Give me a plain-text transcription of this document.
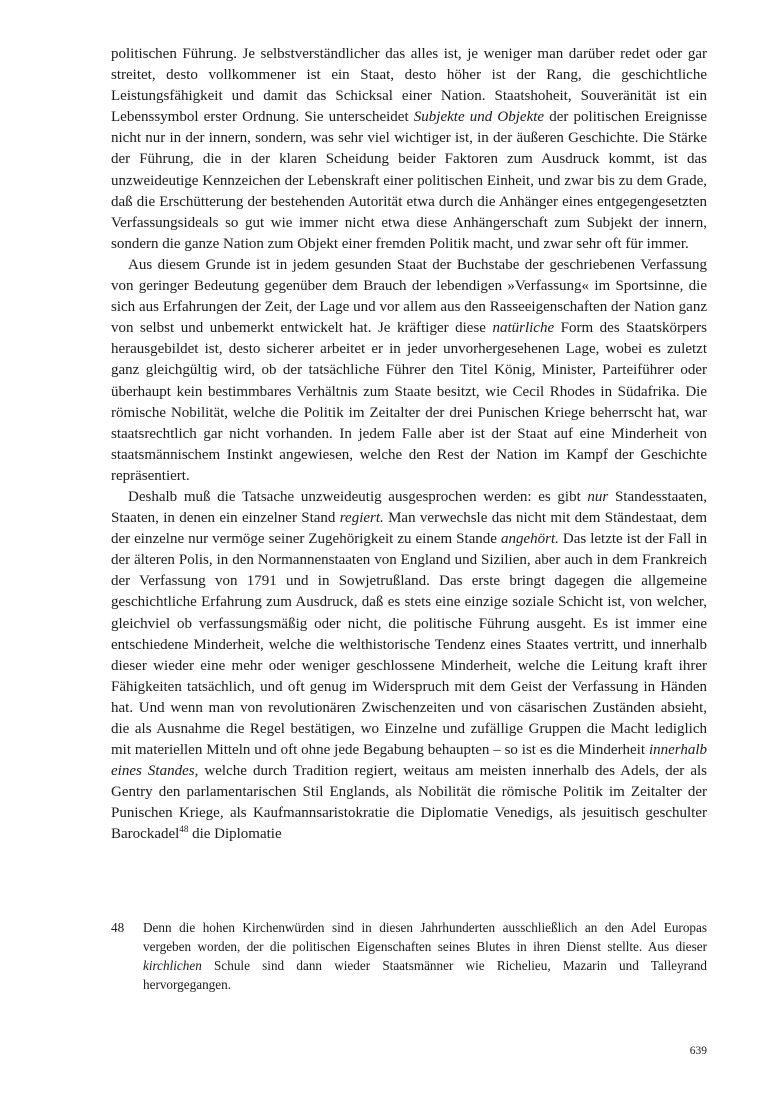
politischen Führung. Je selbstverständlicher das alles ist, je weniger man darüber redet oder gar streitet, desto vollkommener ist ein Staat, desto höher ist der Rang, die geschichtliche Leistungsfähigkeit und damit das Schicksal einer Nation. Staatshoheit, Souveränität ist ein Lebenssymbol erster Ordnung. Sie unterscheidet Subjekte und Objekte der politischen Ereignisse nicht nur in der innern, sondern, was sehr viel wichtiger ist, in der äußeren Geschichte. Die Stärke der Führung, die in der klaren Scheidung beider Faktoren zum Ausdruck kommt, ist das unzweideutige Kennzeichen der Lebenskraft einer politischen Einheit, und zwar bis zu dem Grade, daß die Erschütterung der bestehenden Autorität etwa durch die Anhänger eines entgegengesetzten Verfassungsideals so gut wie immer nicht etwa diese Anhängerschaft zum Subjekt der innern, sondern die ganze Nation zum Objekt einer fremden Politik macht, und zwar sehr oft für immer.

Aus diesem Grunde ist in jedem gesunden Staat der Buchstabe der geschriebenen Verfassung von geringer Bedeutung gegenüber dem Brauch der lebendigen »Verfassung« im Sportsinne, die sich aus Erfahrungen der Zeit, der Lage und vor allem aus den Rasseeigenschaften der Nation ganz von selbst und unbemerkt entwickelt hat. Je kräftiger diese natürliche Form des Staatskörpers herausgebildet ist, desto sicherer arbeitet er in jeder unvorhergesehenen Lage, wobei es zuletzt ganz gleichgültig wird, ob der tatsächliche Führer den Titel König, Minister, Parteiführer oder überhaupt kein bestimmbares Verhältnis zum Staate besitzt, wie Cecil Rhodes in Südafrika. Die römische Nobilität, welche die Politik im Zeitalter der drei Punischen Kriege beherrscht hat, war staatsrechtlich gar nicht vorhanden. In jedem Falle aber ist der Staat auf eine Minderheit von staatsmännischem Instinkt angewiesen, welche den Rest der Nation im Kampf der Geschichte repräsentiert.

Deshalb muß die Tatsache unzweideutig ausgesprochen werden: es gibt nur Standesstaaten, Staaten, in denen ein einzelner Stand regiert. Man verwechsle das nicht mit dem Ständestaat, dem der einzelne nur vermöge seiner Zugehörigkeit zu einem Stande angehört. Das letzte ist der Fall in der älteren Polis, in den Normannenstaaten von England und Sizilien, aber auch in dem Frankreich der Verfassung von 1791 und in Sowjetrußland. Das erste bringt dagegen die allgemeine geschichtliche Erfahrung zum Ausdruck, daß es stets eine einzige soziale Schicht ist, von welcher, gleichviel ob verfassungsmäßig oder nicht, die politische Führung ausgeht. Es ist immer eine entschiedene Minderheit, welche die welthistorische Tendenz eines Staates vertritt, und innerhalb dieser wieder eine mehr oder weniger geschlossene Minderheit, welche die Leitung kraft ihrer Fähigkeiten tatsächlich, und oft genug im Widerspruch mit dem Geist der Verfassung in Händen hat. Und wenn man von revolutionären Zwischenzeiten und von cäsarischen Zuständen absieht, die als Ausnahme die Regel bestätigen, wo Einzelne und zufällige Gruppen die Macht lediglich mit materiellen Mitteln und oft ohne jede Begabung behaupten – so ist es die Minderheit innerhalb eines Standes, welche durch Tradition regiert, weitaus am meisten innerhalb des Adels, der als Gentry den parlamentarischen Stil Englands, als Nobilität die römische Politik im Zeitalter der Punischen Kriege, als Kaufmannsaristokratie die Diplomatie Venedigs, als jesuitisch geschulter Barockadel$^{48}$ die Diplomatie

48	Denn die hohen Kirchenwürden sind in diesen Jahrhunderten ausschließlich an den Adel Europas vergeben worden, der die politischen Eigenschaften seines Blutes in ihren Dienst stellte. Aus dieser kirchlichen Schule sind dann wieder Staatsmänner wie Richelieu, Mazarin und Talleyrand hervorgegangen.
639
